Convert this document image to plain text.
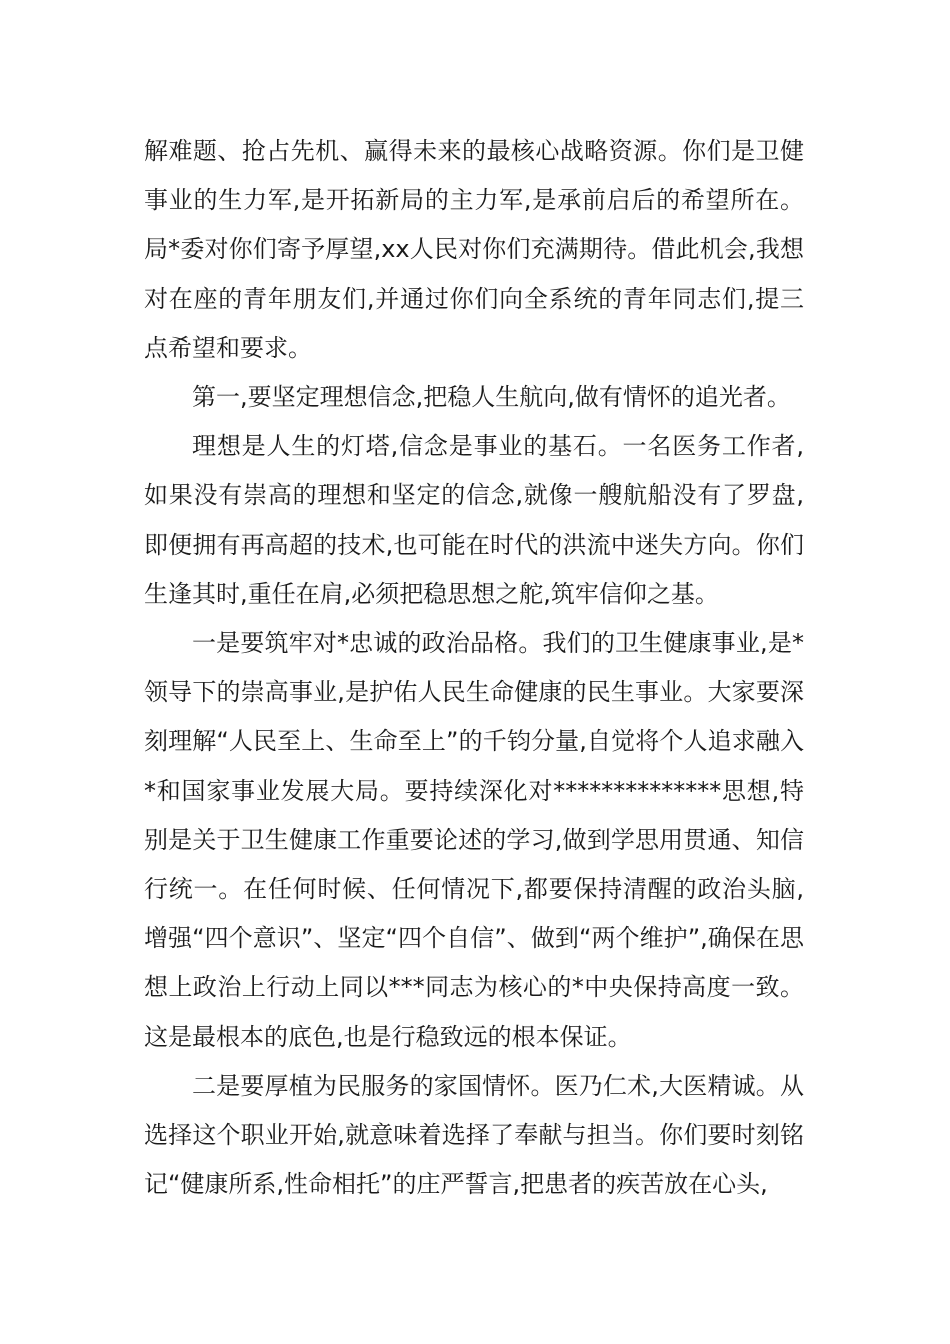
解难题、抢占先机、赢得未来的最核心战略资源。你们是卫健事业的生力军,是开拓新局的主力军,是承前启后的希望所在。局*委对你们寄予厚望,xx人民对你们充满期待。借此机会,我想对在座的青年朋友们,并通过你们向全系统的青年同志们,提三点希望和要求。

第一,要坚定理想信念,把稳人生航向,做有情怀的追光者。

理想是人生的灯塔,信念是事业的基石。一名医务工作者,如果没有崇高的理想和坚定的信念,就像一艘航船没有了罗盘,即便拥有再高超的技术,也可能在时代的洪流中迷失方向。你们生逢其时,重任在肩,必须把稳思想之舵,筑牢信仰之基。

一是要筑牢对*忠诚的政治品格。我们的卫生健康事业,是*领导下的崇高事业,是护佑人民生命健康的民生事业。大家要深刻理解“人民至上、生命至上”的千钧分量,自觉将个人追求融入*和国家事业发展大局。要持续深化对**************思想,特别是关于卫生健康工作重要论述的学习,做到学思用贯通、知信行统一。在任何时候、任何情况下,都要保持清醒的政治头脑,增强“四个意识”、坚定“四个自信”、做到“两个维护”,确保在思想上政治上行动上同以***同志为核心的*中央保持高度一致。这是最根本的底色,也是行稳致远的根本保证。

二是要厚植为民服务的家国情怀。医乃仁术,大医精诚。从选择这个职业开始,就意味着选择了奉献与担当。你们要时刻铭记“健康所系,性命相托”的庄严誓言,把患者的疾苦放在心头,
